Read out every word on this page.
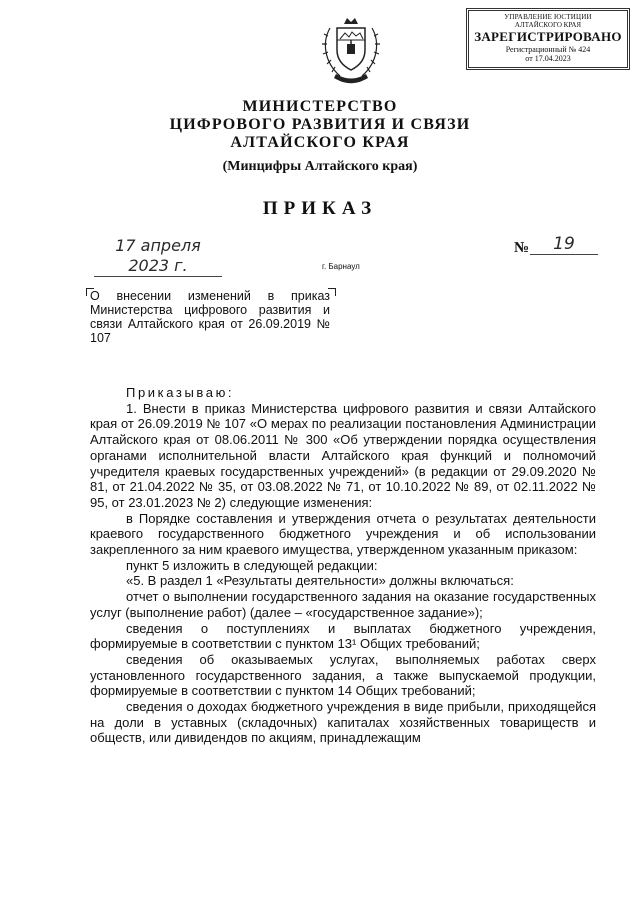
УПРАВЛЕНИЕ ЮСТИЦИИ
АЛТАЙСКОГО КРАЯ
ЗАРЕГИСТРИРОВАНО
Регистрационный № 424
от 17.04.2023
МИНИСТЕРСТВО
ЦИФРОВОГО РАЗВИТИЯ И СВЯЗИ
АЛТАЙСКОГО КРАЯ
(Минцифры Алтайского края)
ПРИКАЗ
17 апреля 2023 г.
№	19
г. Барнаул
О внесении изменений в приказ Министерства цифрового развития и связи Алтайского края от 26.09.2019 № 107

Приказываю:

1. Внести в приказ Министерства цифрового развития и связи Алтайского края от 26.09.2019 № 107 «О мерах по реализации постановления Администрации Алтайского края от 08.06.2011 № 300 «Об утверждении порядка осуществления органами исполнительной власти Алтайского края функций и полномочий учредителя краевых государственных учреждений» (в редакции от 29.09.2020 № 81, от 21.04.2022 № 35, от 03.08.2022 № 71, от 10.10.2022 № 89, от 02.11.2022 № 95, от 23.01.2023 № 2) следующие изменения:

в Порядке составления и утверждения отчета о результатах деятельности краевого государственного бюджетного учреждения и об использовании закрепленного за ним краевого имущества, утвержденном указанным приказом:

пункт 5 изложить в следующей редакции:

«5. В раздел 1 «Результаты деятельности» должны включаться:

отчет о выполнении государственного задания на оказание государственных услуг (выполнение работ) (далее – «государственное задание»);

сведения о поступлениях и выплатах бюджетного учреждения, формируемые в соответствии с пунктом 13¹ Общих требований;

сведения об оказываемых услугах, выполняемых работах сверх установленного государственного задания, а также выпускаемой продукции, формируемые в соответствии с пунктом 14 Общих требований;

сведения о доходах бюджетного учреждения в виде прибыли, приходящейся на доли в уставных (складочных) капиталах хозяйственных товариществ и обществ, или дивидендов по акциям, принадлежащим
